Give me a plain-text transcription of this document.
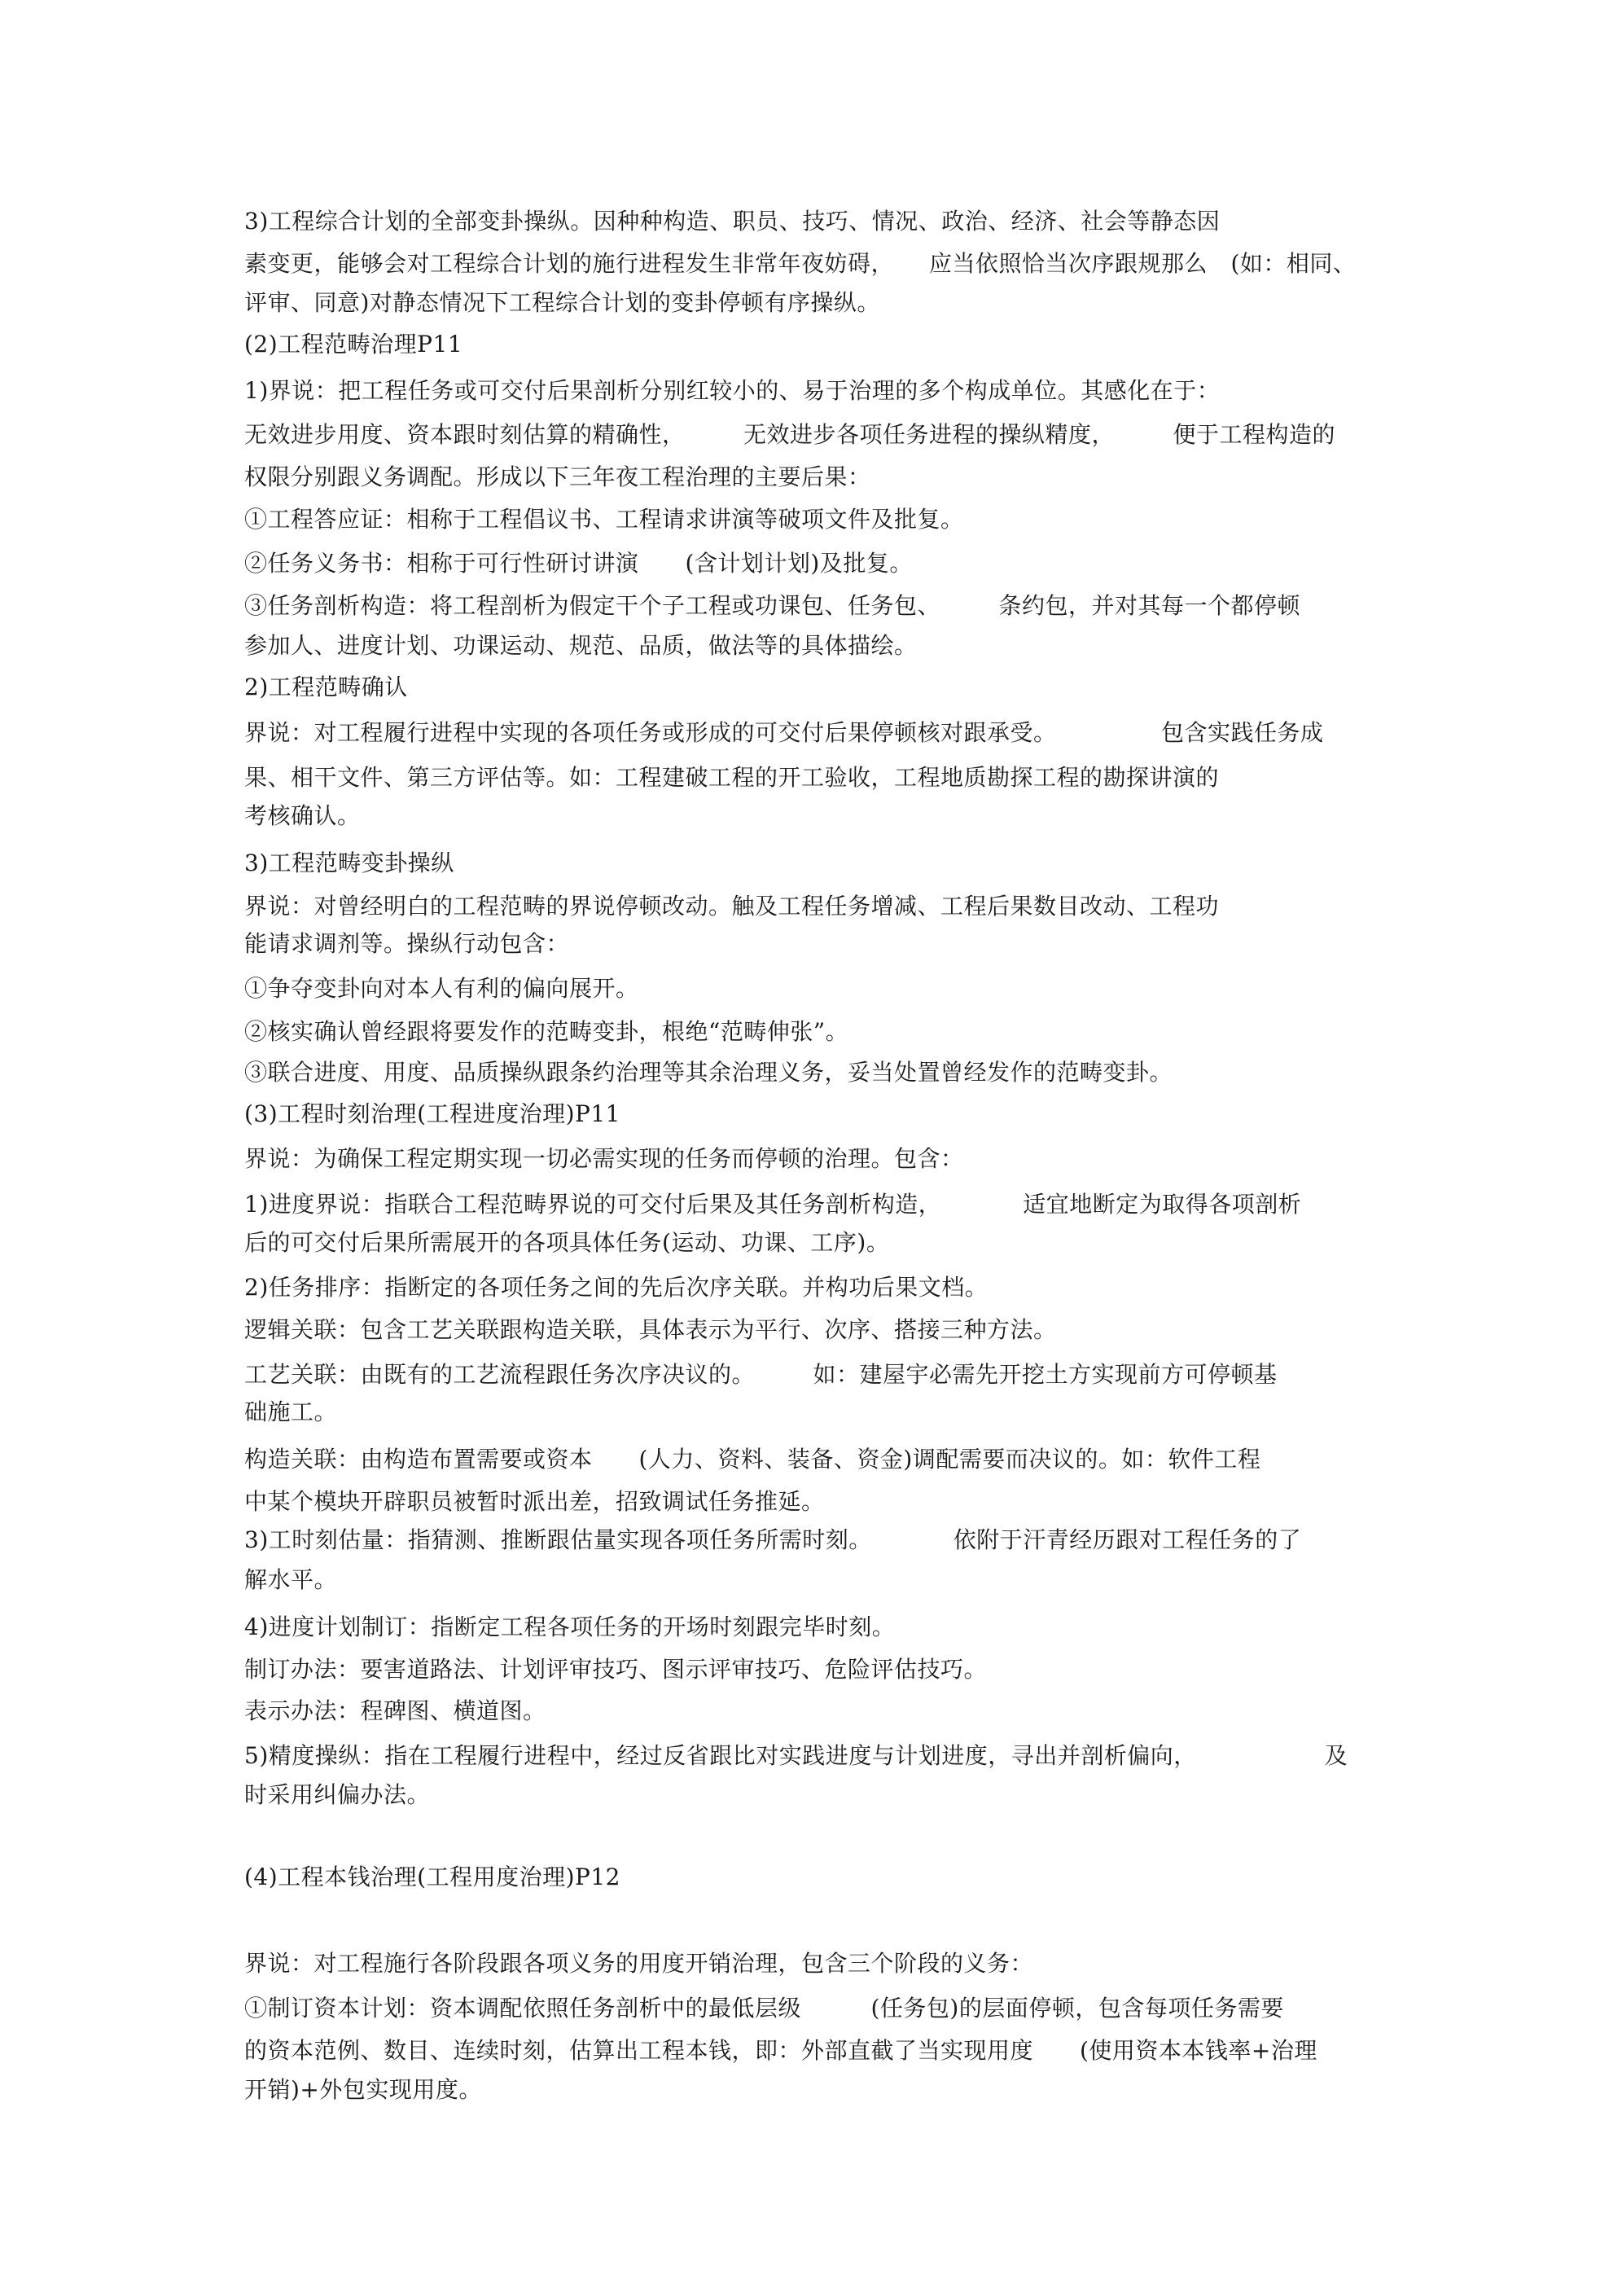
3)工程综合计划的全部变卦操纵。因种种构造、职员、技巧、情况、政治、经济、社会等静态因

素变更，能够会对工程综合计划的施行进程发生非常年夜妨碍，　　应当依照恰当次序跟规那么　(如：相同、

评审、同意)对静态情况下工程综合计划的变卦停顿有序操纵。

(2)工程范畴治理P11

1)界说：把工程任务或可交付后果剖析分别红较小的、易于治理的多个构成单位。其感化在于：

无效进步用度、资本跟时刻估算的精确性，　　　无效进步各项任务进程的操纵精度，　　　便于工程构造的

权限分别跟义务调配。形成以下三年夜工程治理的主要后果：

①工程答应证：相称于工程倡议书、工程请求讲演等破项文件及批复。

②任务义务书：相称于可行性研讨讲演　　(含计划计划)及批复。

③任务剖析构造：将工程剖析为假定干个子工程或功课包、任务包、　　　条约包，并对其每一个都停顿

参加人、进度计划、功课运动、规范、品质，做法等的具体描绘。

2)工程范畴确认

界说：对工程履行进程中实现的各项任务或形成的可交付后果停顿核对跟承受。　　　　　包含实践任务成

果、相干文件、第三方评估等。如：工程建破工程的开工验收，工程地质勘探工程的勘探讲演的

考核确认。

3)工程范畴变卦操纵

界说：对曾经明白的工程范畴的界说停顿改动。触及工程任务增减、工程后果数目改动、工程功

能请求调剂等。操纵行动包含：

①争夺变卦向对本人有利的偏向展开。

②核实确认曾经跟将要发作的范畴变卦，根绝“范畴伸张”。

③联合进度、用度、品质操纵跟条约治理等其余治理义务，妥当处置曾经发作的范畴变卦。

(3)工程时刻治理(工程进度治理)P11

界说：为确保工程定期实现一切必需实现的任务而停顿的治理。包含：

1)进度界说：指联合工程范畴界说的可交付后果及其任务剖析构造，　　　　适宜地断定为取得各项剖析

后的可交付后果所需展开的各项具体任务(运动、功课、工序)。

2)任务排序：指断定的各项任务之间的先后次序关联。并构功后果文档。

逻辑关联：包含工艺关联跟构造关联，具体表示为平行、次序、搭接三种方法。

工艺关联：由既有的工艺流程跟任务次序决议的。　　　如：建屋宇必需先开挖土方实现前方可停顿基

础施工。

构造关联：由构造布置需要或资本　　(人力、资料、装备、资金)调配需要而决议的。如：软件工程

中某个模块开辟职员被暂时派出差，招致调试任务推延。

3)工时刻估量：指猜测、推断跟估量实现各项任务所需时刻。　　　　依附于汗青经历跟对工程任务的了

解水平。

4)进度计划制订：指断定工程各项任务的开场时刻跟完毕时刻。

制订办法：要害道路法、计划评审技巧、图示评审技巧、危险评估技巧。

表示办法：程碑图、横道图。

5)精度操纵：指在工程履行进程中，经过反省跟比对实践进度与计划进度，寻出并剖析偏向，　　　　　　及

时采用纠偏办法。

(4)工程本钱治理(工程用度治理)P12

界说：对工程施行各阶段跟各项义务的用度开销治理，包含三个阶段的义务：

①制订资本计划：资本调配依照任务剖析中的最低层级　　　(任务包)的层面停顿，包含每项任务需要

的资本范例、数目、连续时刻，估算出工程本钱，即：外部直截了当实现用度　　(使用资本本钱率+治理

开销)+外包实现用度。
